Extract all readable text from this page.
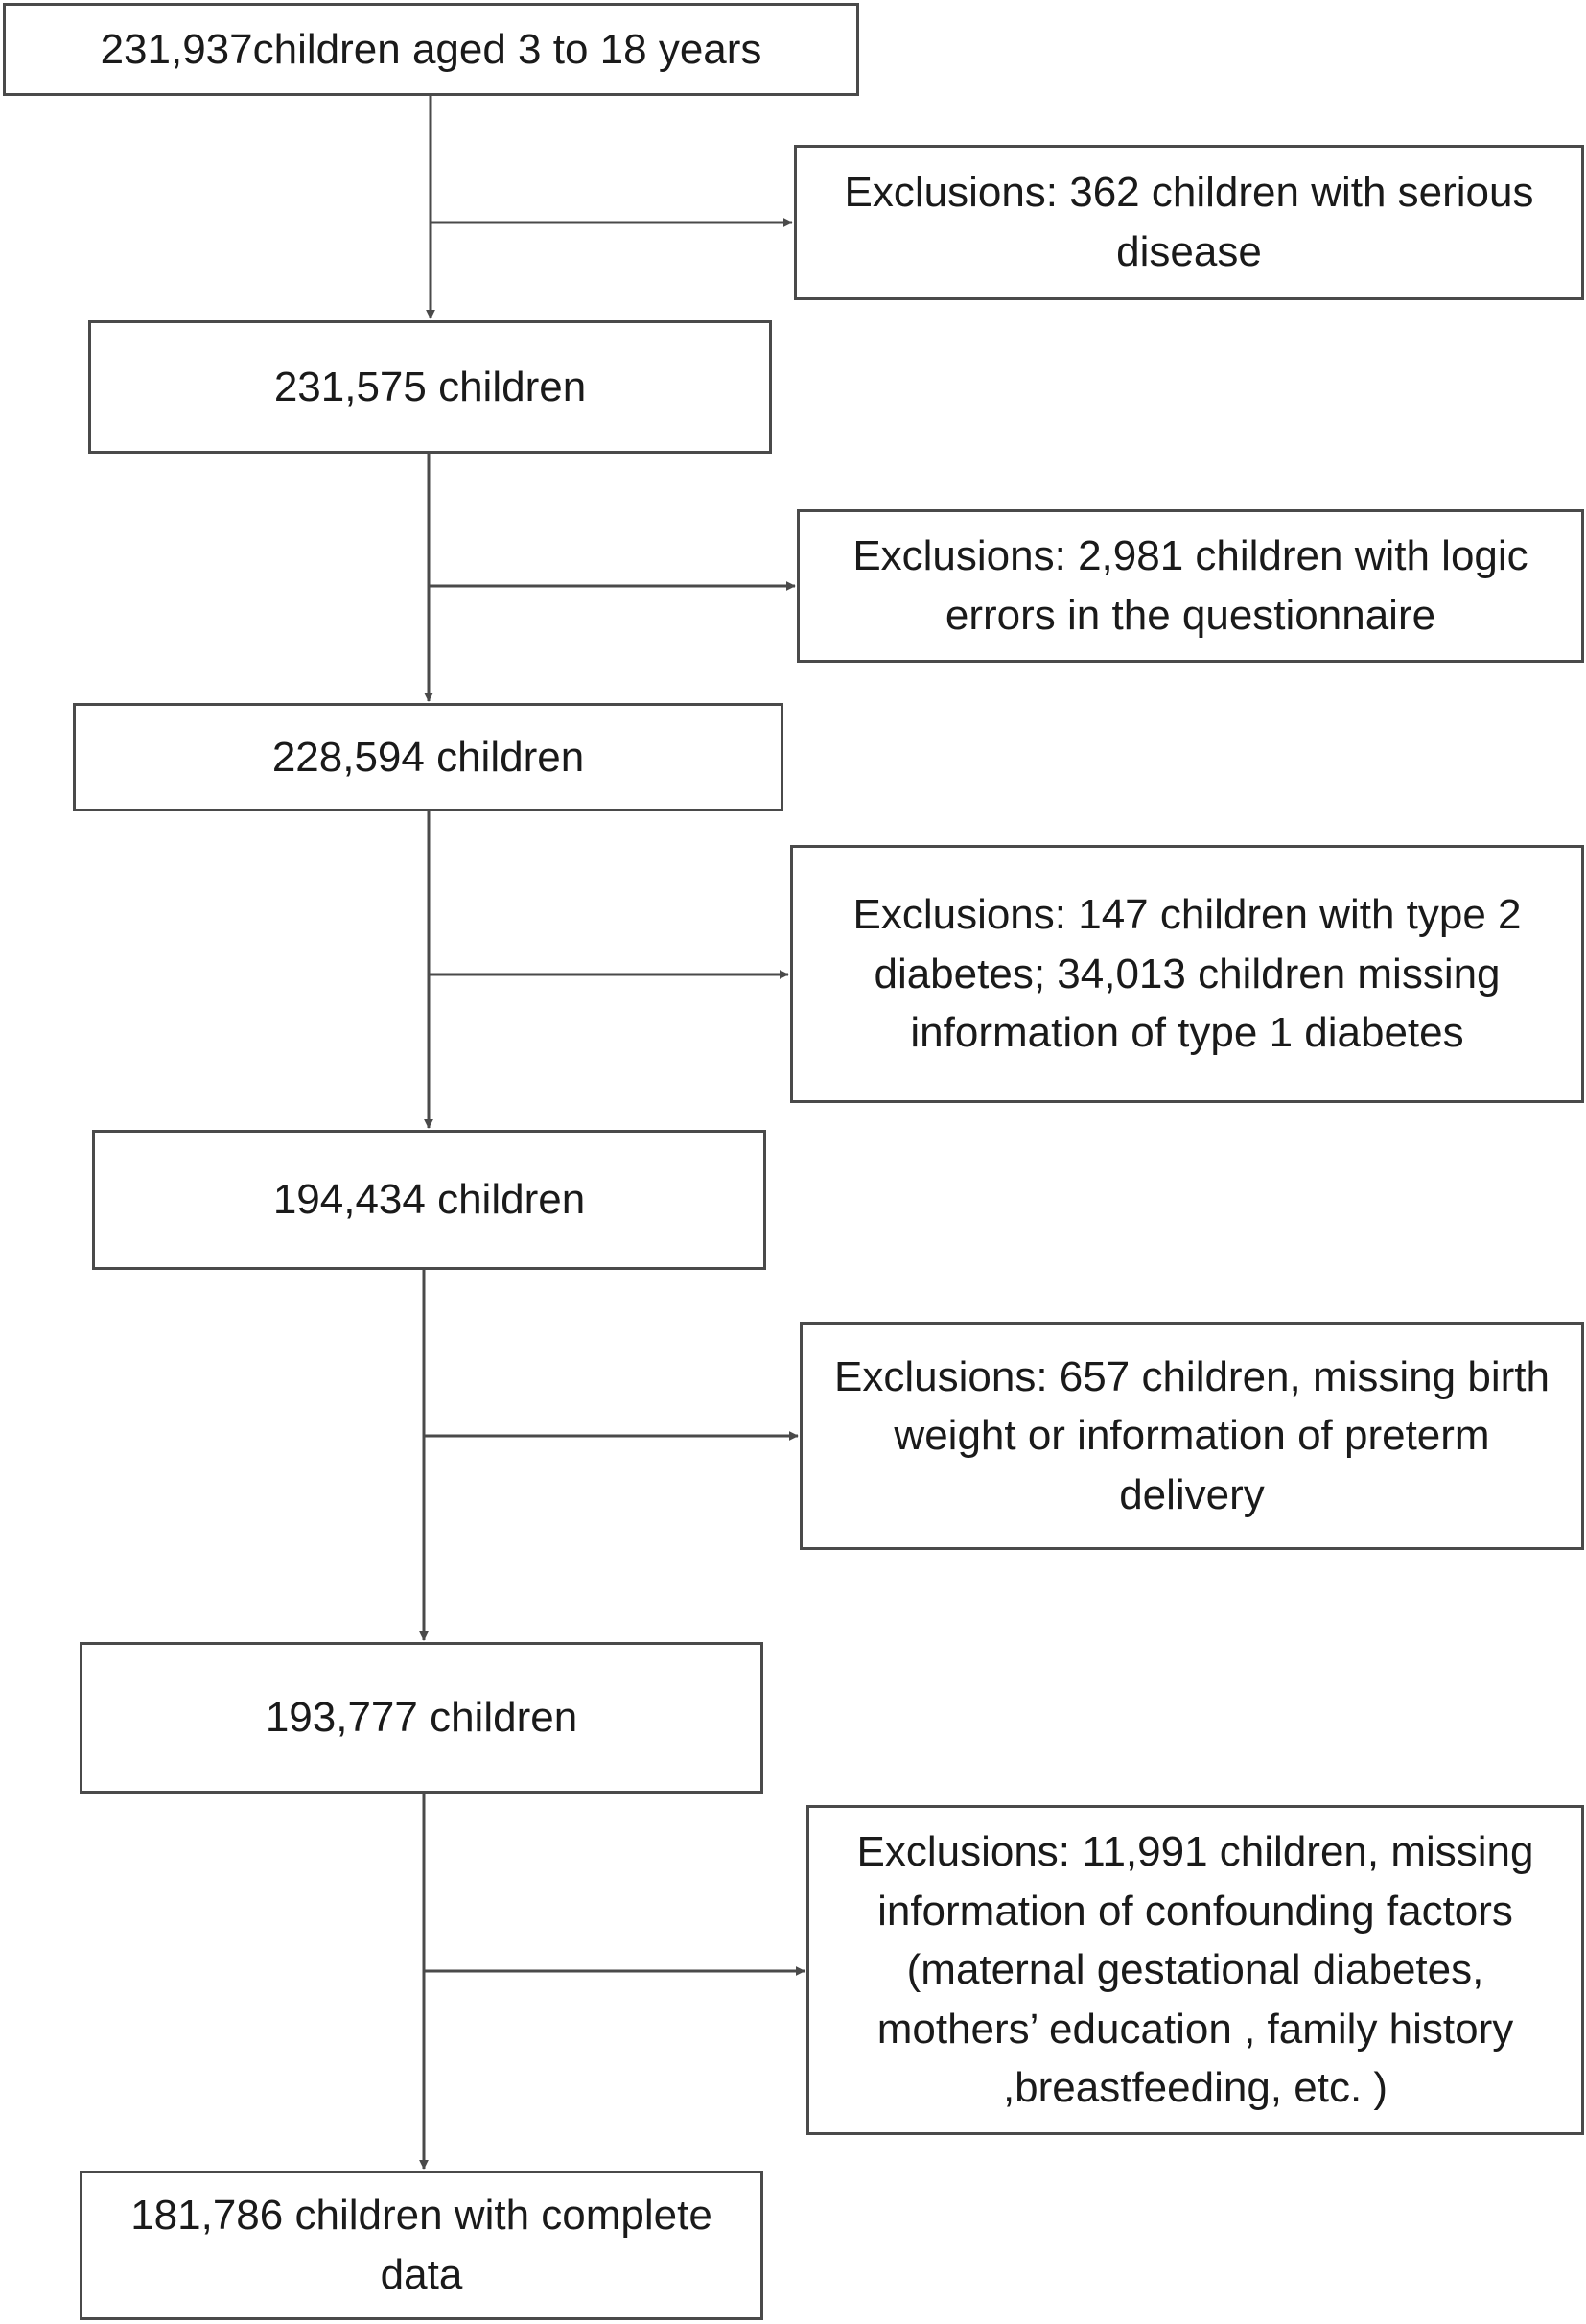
231,937children aged 3 to 18 years
Exclusions: 362 children with serious disease
231,575 children
Exclusions: 2,981 children with logic errors in the questionnaire
228,594 children
Exclusions: 147 children with type 2 diabetes; 34,013 children missing information of type 1 diabetes
194,434 children
Exclusions: 657 children, missing birth weight or information of preterm delivery
193,777 children
Exclusions: 11,991 children, missing information of confounding factors (maternal gestational diabetes, mothers’ education , family history ,breastfeeding, etc. )
181,786 children with complete data
